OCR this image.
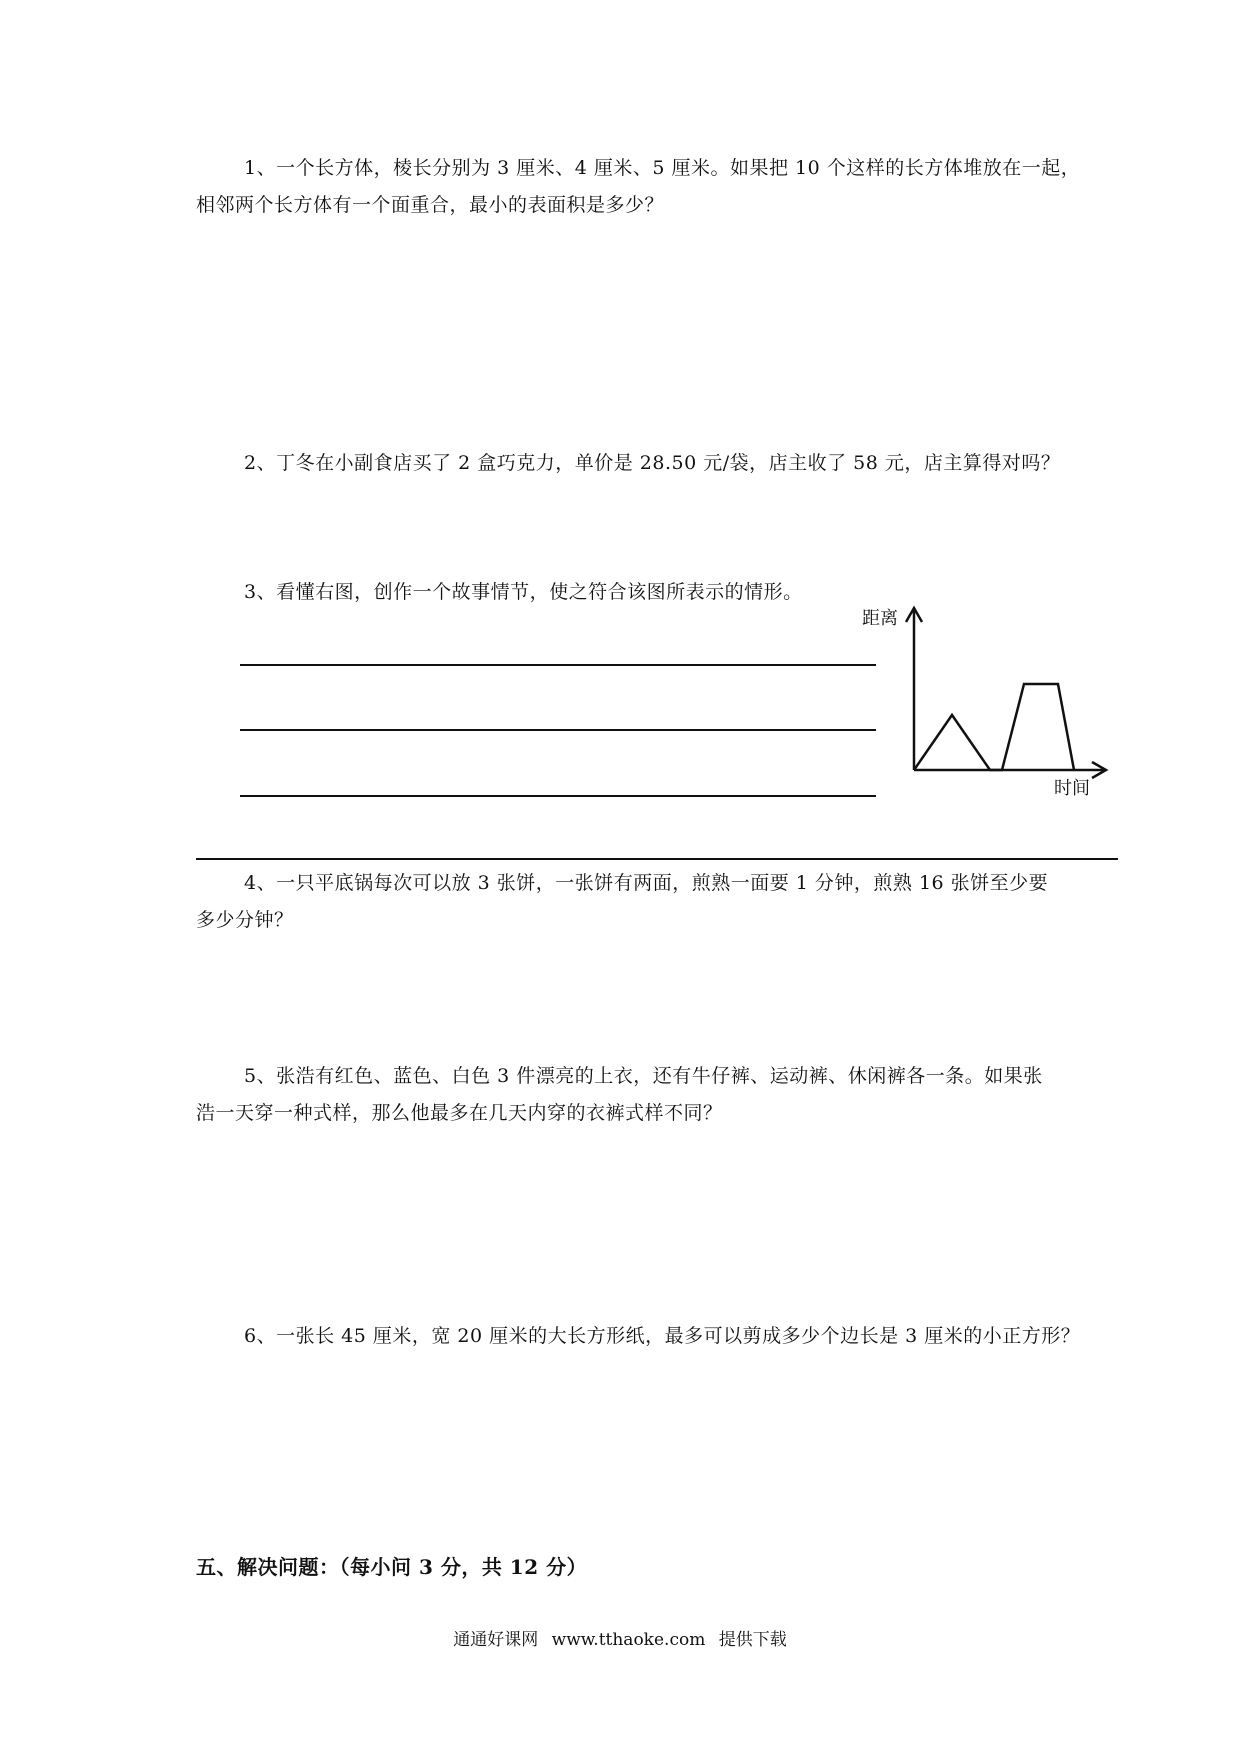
1、一个长方体，棱长分别为 3 厘米、4 厘米、5 厘米。如果把 10 个这样的长方体堆放在一起，

相邻两个长方体有一个面重合，最小的表面积是多少？

2、丁冬在小副食店买了 2 盒巧克力，单价是 28.50 元/袋，店主收了 58 元，店主算得对吗？

3、看懂右图，创作一个故事情节，使之符合该图所表示的情形。

距离
时间

4、一只平底锅每次可以放 3 张饼，一张饼有两面，煎熟一面要 1 分钟，煎熟 16 张饼至少要

多少分钟？

5、张浩有红色、蓝色、白色 3 件漂亮的上衣，还有牛仔裤、运动裤、休闲裤各一条。如果张

浩一天穿一种式样，那么他最多在几天内穿的衣裤式样不同？

6、一张长 45 厘米，宽 20 厘米的大长方形纸，最多可以剪成多少个边长是 3 厘米的小正方形？

五、解决问题：（每小问 3 分，共 12 分）
通通好课网 www.tthaoke.com 提供下载
